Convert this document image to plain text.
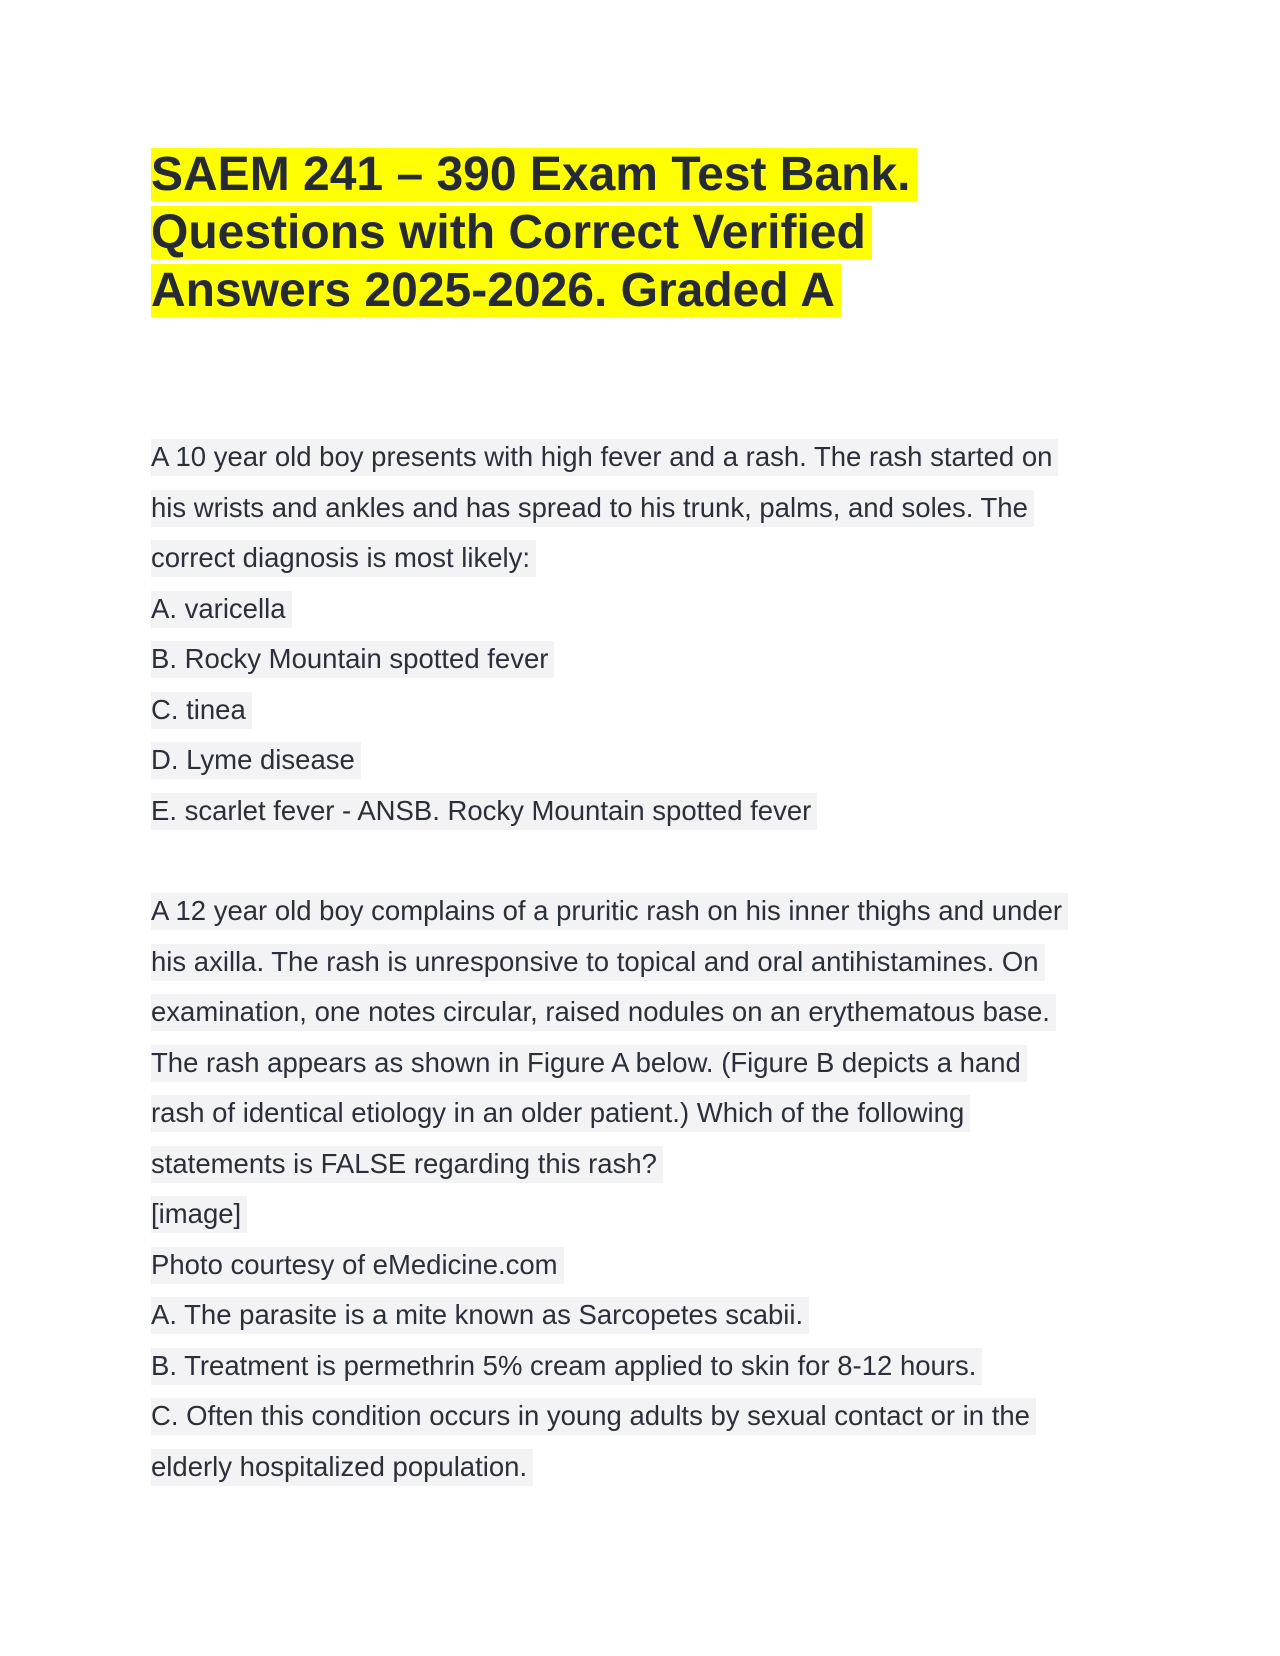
SAEM 241 – 390 Exam Test Bank.
Questions with Correct Verified
Answers 2025-2026. Graded A
A 10 year old boy presents with high fever and a rash. The rash started on
his wrists and ankles and has spread to his trunk, palms, and soles. The
correct diagnosis is most likely:
A. varicella
B. Rocky Mountain spotted fever
C. tinea
D. Lyme disease
E. scarlet fever - ANSB. Rocky Mountain spotted fever
A 12 year old boy complains of a pruritic rash on his inner thighs and under
his axilla. The rash is unresponsive to topical and oral antihistamines. On
examination, one notes circular, raised nodules on an erythematous base.
The rash appears as shown in Figure A below. (Figure B depicts a hand
rash of identical etiology in an older patient.) Which of the following
statements is FALSE regarding this rash?
[image]
Photo courtesy of eMedicine.com
A. The parasite is a mite known as Sarcopetes scabii.
B. Treatment is permethrin 5% cream applied to skin for 8-12 hours.
C. Often this condition occurs in young adults by sexual contact or in the
elderly hospitalized population.
